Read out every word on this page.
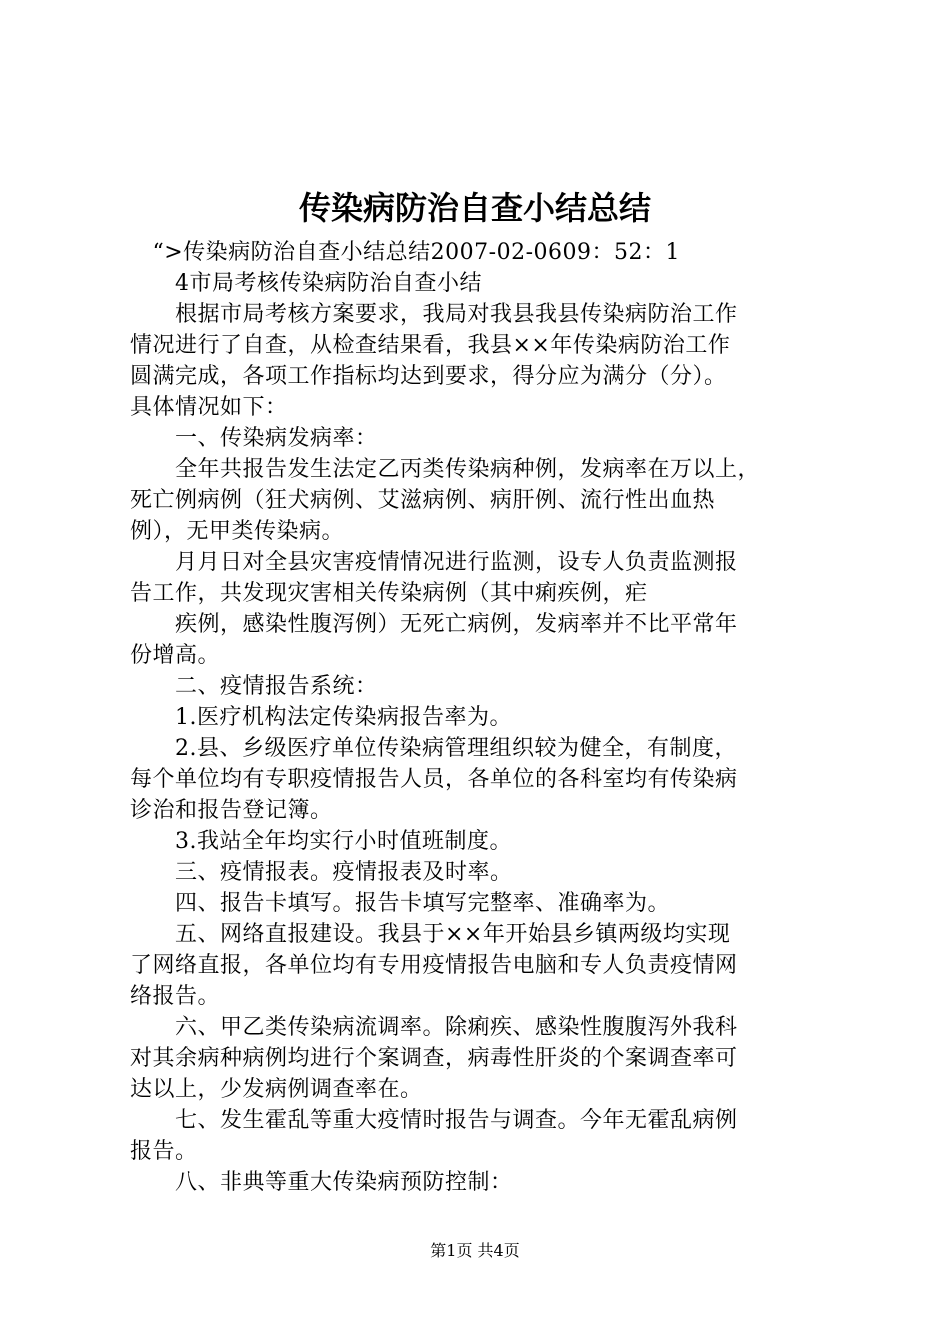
传染病防治自查小结总结
　“>传染病防治自查小结总结2007-02-0609：52：1
　　4市局考核传染病防治自查小结
　　根据市局考核方案要求，我局对我县我县传染病防治工作
情况进行了自查，从检查结果看，我县××年传染病防治工作
圆满完成，各项工作指标均达到要求，得分应为满分（分）。
具体情况如下：
　　一、传染病发病率：
　　全年共报告发生法定乙丙类传染病种例，发病率在万以上，
死亡例病例（狂犬病例、艾滋病例、病肝例、流行性出血热
例），无甲类传染病。
　　月月日对全县灾害疫情情况进行监测，设专人负责监测报
告工作，共发现灾害相关传染病例（其中痢疾例，疟
　　疾例，感染性腹泻例）无死亡病例，发病率并不比平常年
份增高。
　　二、疫情报告系统：
　　1.医疗机构法定传染病报告率为。
　　2.县、乡级医疗单位传染病管理组织较为健全，有制度，
每个单位均有专职疫情报告人员，各单位的各科室均有传染病
诊治和报告登记簿。
　　3.我站全年均实行小时值班制度。
　　三、疫情报表。疫情报表及时率。
　　四、报告卡填写。报告卡填写完整率、准确率为。
　　五、网络直报建设。我县于××年开始县乡镇两级均实现
了网络直报，各单位均有专用疫情报告电脑和专人负责疫情网
络报告。
　　六、甲乙类传染病流调率。除痢疾、感染性腹腹泻外我科
对其余病种病例均进行个案调查，病毒性肝炎的个案调查率可
达以上，少发病例调查率在。
　　七、发生霍乱等重大疫情时报告与调查。今年无霍乱病例
报告。
　　八、非典等重大传染病预防控制：
第1页 共4页
